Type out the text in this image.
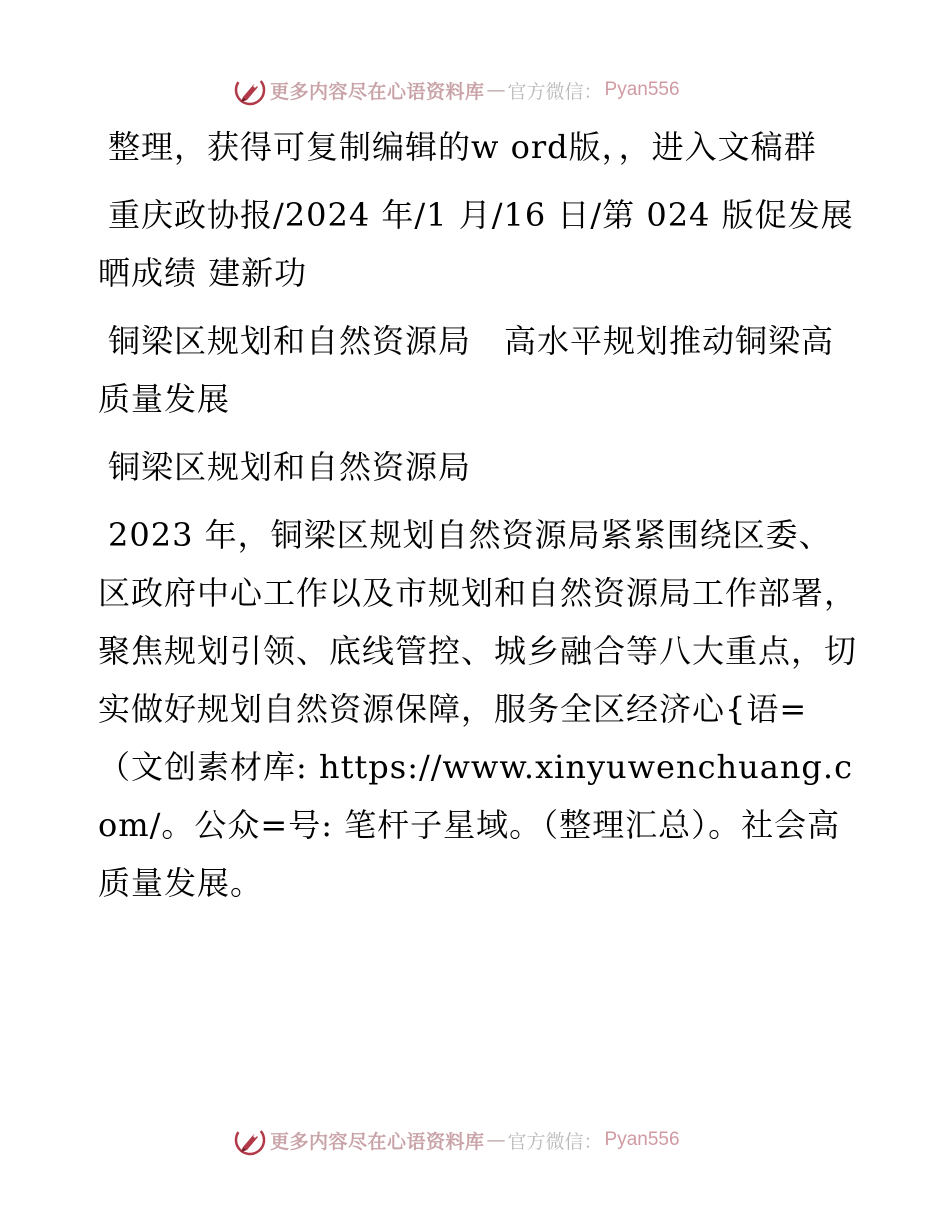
更多内容尽在心语资料库 — 官方微信： Pyan556

整理，获得可复制编辑的w ord版，，进入文稿群

重庆政协报/2024 年/1 月/16 日/第 024 版促发展 晒成绩 建新功

铜梁区规划和自然资源局　高水平规划推动铜梁高质量发展

铜梁区规划和自然资源局

2023 年，铜梁区规划自然资源局紧紧围绕区委、区政府中心工作以及市规划和自然资源局工作部署，聚焦规划引领、底线管控、城乡融合等八大重点，切实做好规划自然资源保障，服务全区经济心{语=（文创素材库: https://www.xinyuwenchuang.com/。公众=号: 笔杆子星域。（整理汇总）。社会高质量发展。

更多内容尽在心语资料库 — 官方微信： Pyan556
